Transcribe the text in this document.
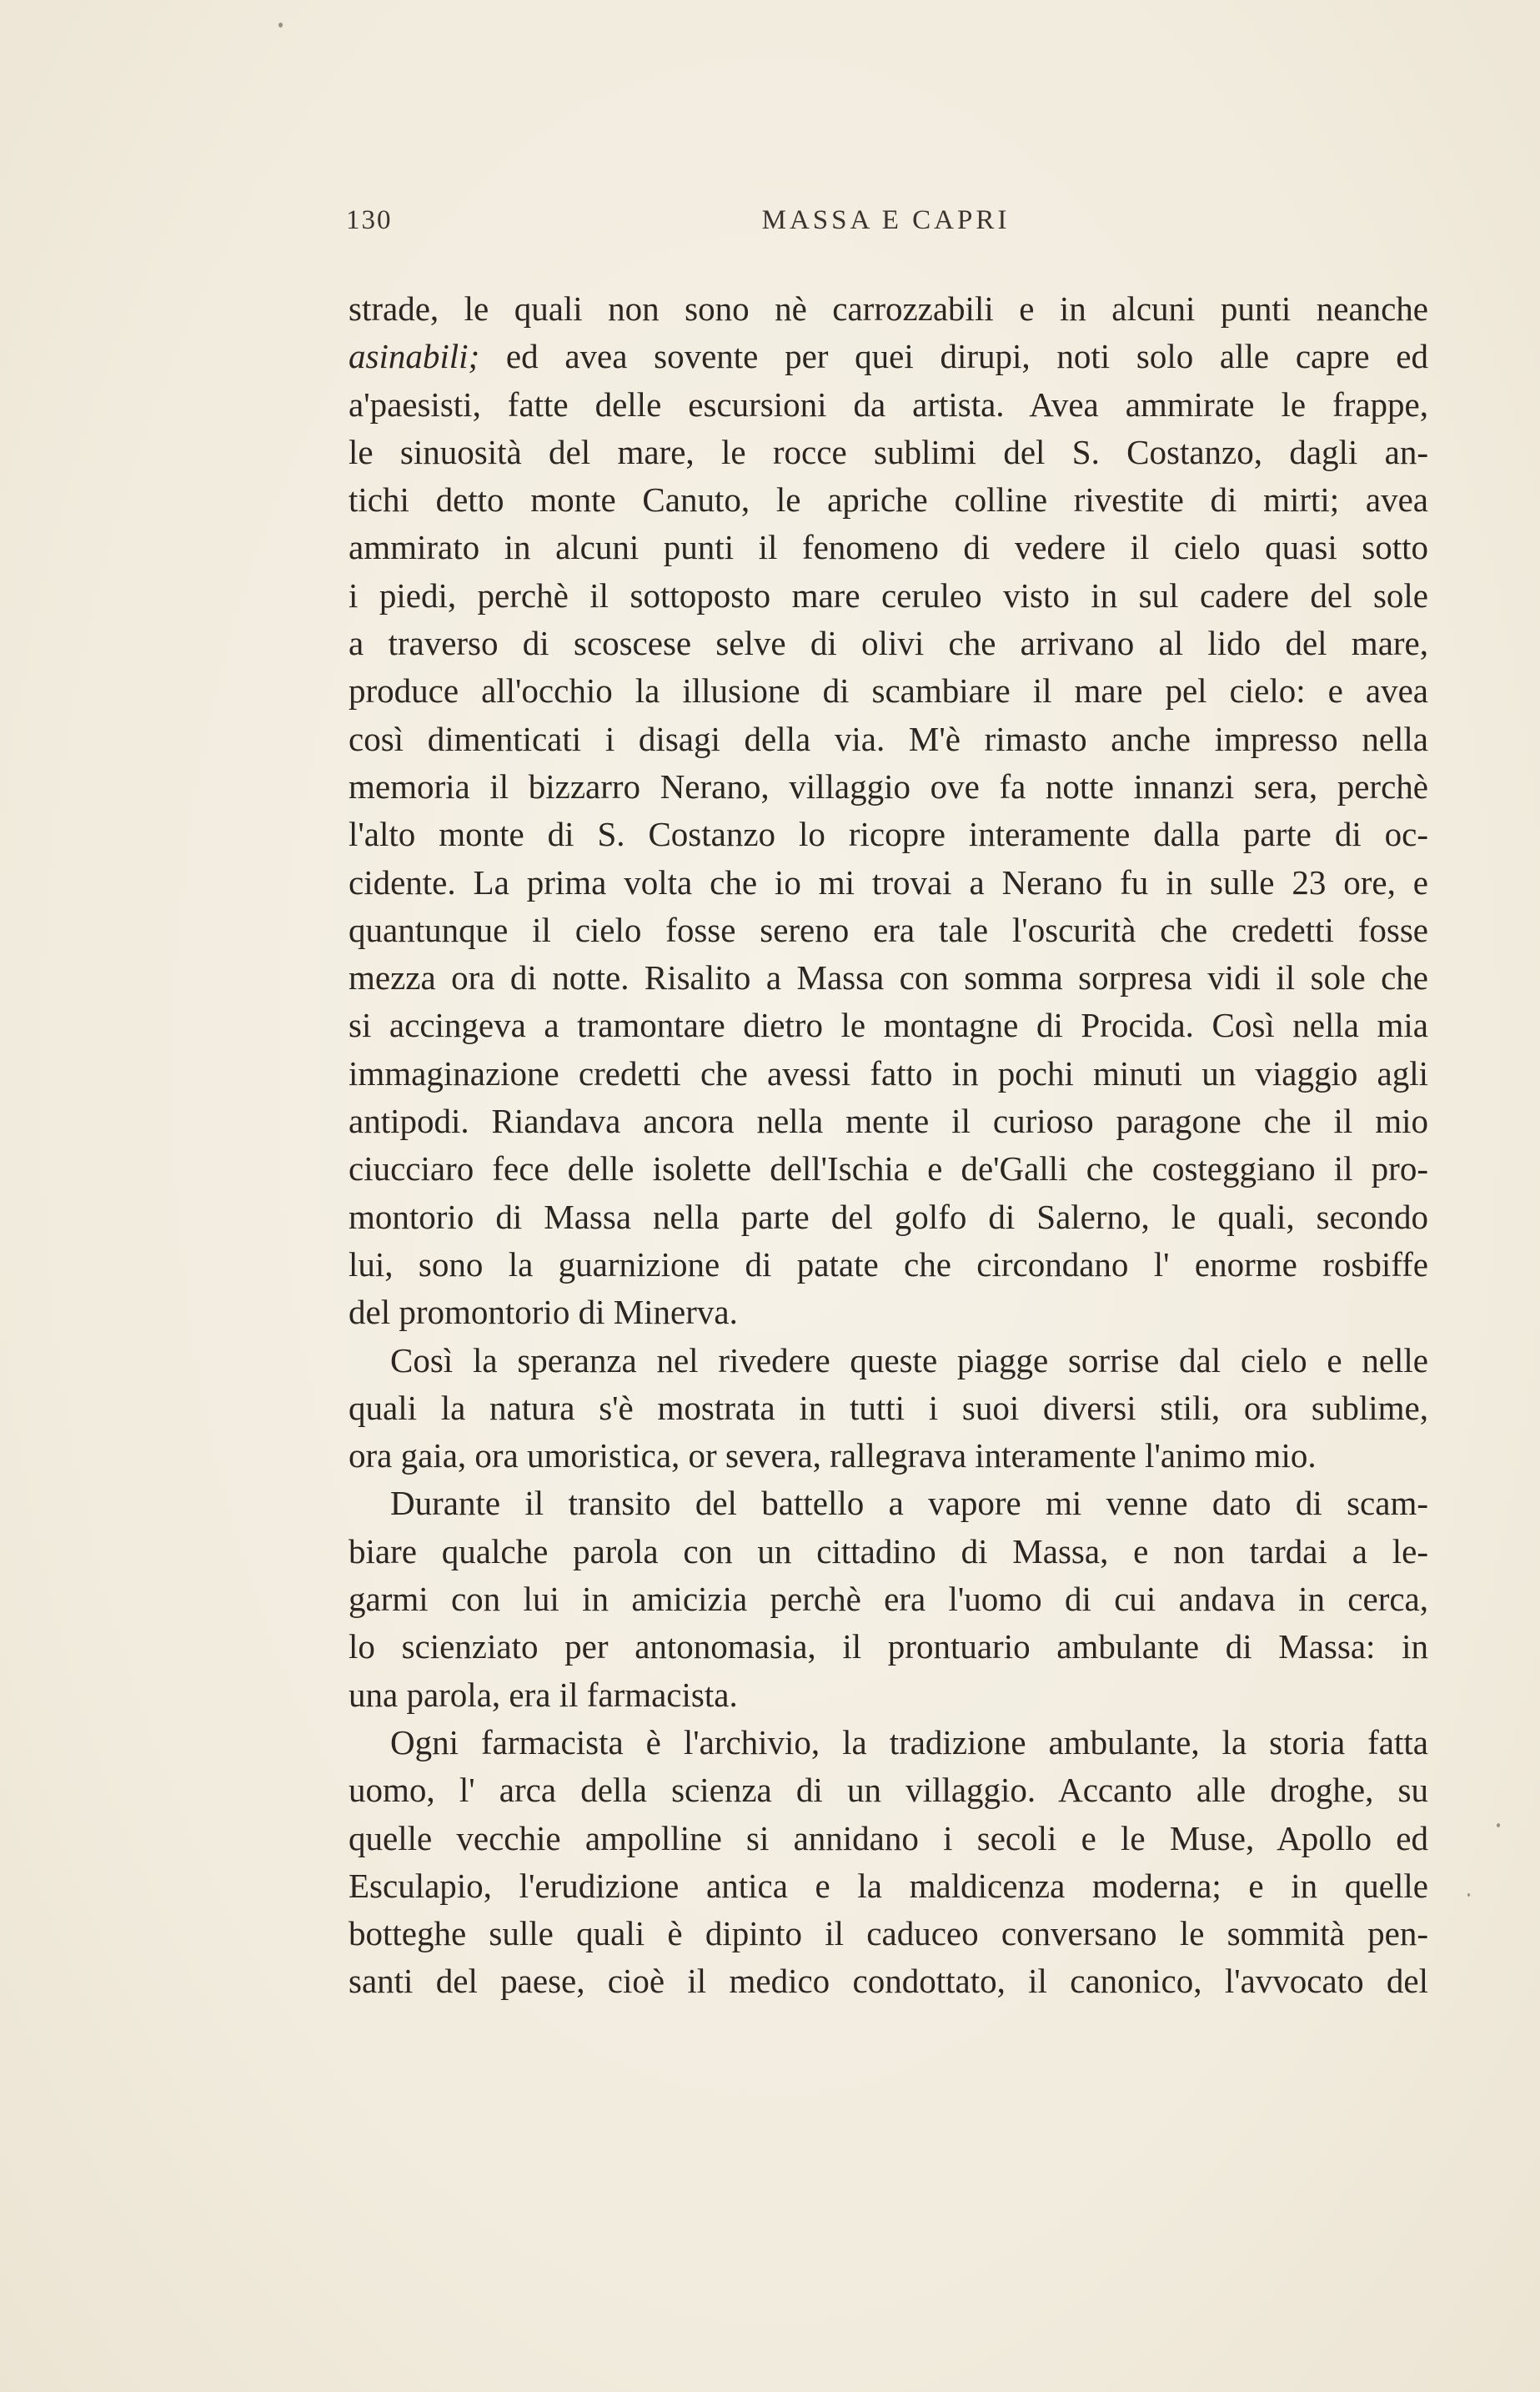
130	MASSA E CAPRI
strade, le quali non sono nè carrozzabili e in alcuni punti neanche
asinabili; ed avea sovente per quei dirupi, noti solo alle capre ed
a'paesisti, fatte delle escursioni da artista. Avea ammirate le frappe,
le sinuosità del mare, le rocce sublimi del S. Costanzo, dagli an-
tichi detto monte Canuto, le apriche colline rivestite di mirti; avea
ammirato in alcuni punti il fenomeno di vedere il cielo quasi sotto
i piedi, perchè il sottoposto mare ceruleo visto in sul cadere del sole
a traverso di scoscese selve di olivi che arrivano al lido del mare,
produce all'occhio la illusione di scambiare il mare pel cielo: e avea
così dimenticati i disagi della via. M'è rimasto anche impresso nella
memoria il bizzarro Nerano, villaggio ove fa notte innanzi sera, perchè
l'alto monte di S. Costanzo lo ricopre interamente dalla parte di oc-
cidente. La prima volta che io mi trovai a Nerano fu in sulle 23 ore, e
quantunque il cielo fosse sereno era tale l'oscurità che credetti fosse
mezza ora di notte. Risalito a Massa con somma sorpresa vidi il sole che
si accingeva a tramontare dietro le montagne di Procida. Così nella mia
immaginazione credetti che avessi fatto in pochi minuti un viaggio agli
antipodi. Riandava ancora nella mente il curioso paragone che il mio
ciucciaro fece delle isolette dell'Ischia e de'Galli che costeggiano il pro-
montorio di Massa nella parte del golfo di Salerno, le quali, secondo
lui, sono la guarnizione di patate che circondano l' enorme rosbiffe
del promontorio di Minerva.
Così la speranza nel rivedere queste piagge sorrise dal cielo e nelle
quali la natura s'è mostrata in tutti i suoi diversi stili, ora sublime,
ora gaia, ora umoristica, or severa, rallegrava interamente l'animo mio.
Durante il transito del battello a vapore mi venne dato di scam-
biare qualche parola con un cittadino di Massa, e non tardai a le-
garmi con lui in amicizia perchè era l'uomo di cui andava in cerca,
lo scienziato per antonomasia, il prontuario ambulante di Massa: in
una parola, era il farmacista.
Ogni farmacista è l'archivio, la tradizione ambulante, la storia fatta
uomo, l' arca della scienza di un villaggio. Accanto alle droghe, su
quelle vecchie ampolline si annidano i secoli e le Muse, Apollo ed
Esculapio, l'erudizione antica e la maldicenza moderna; e in quelle
botteghe sulle quali è dipinto il caduceo conversano le sommità pen-
santi del paese, cioè il medico condottato, il canonico, l'avvocato del
